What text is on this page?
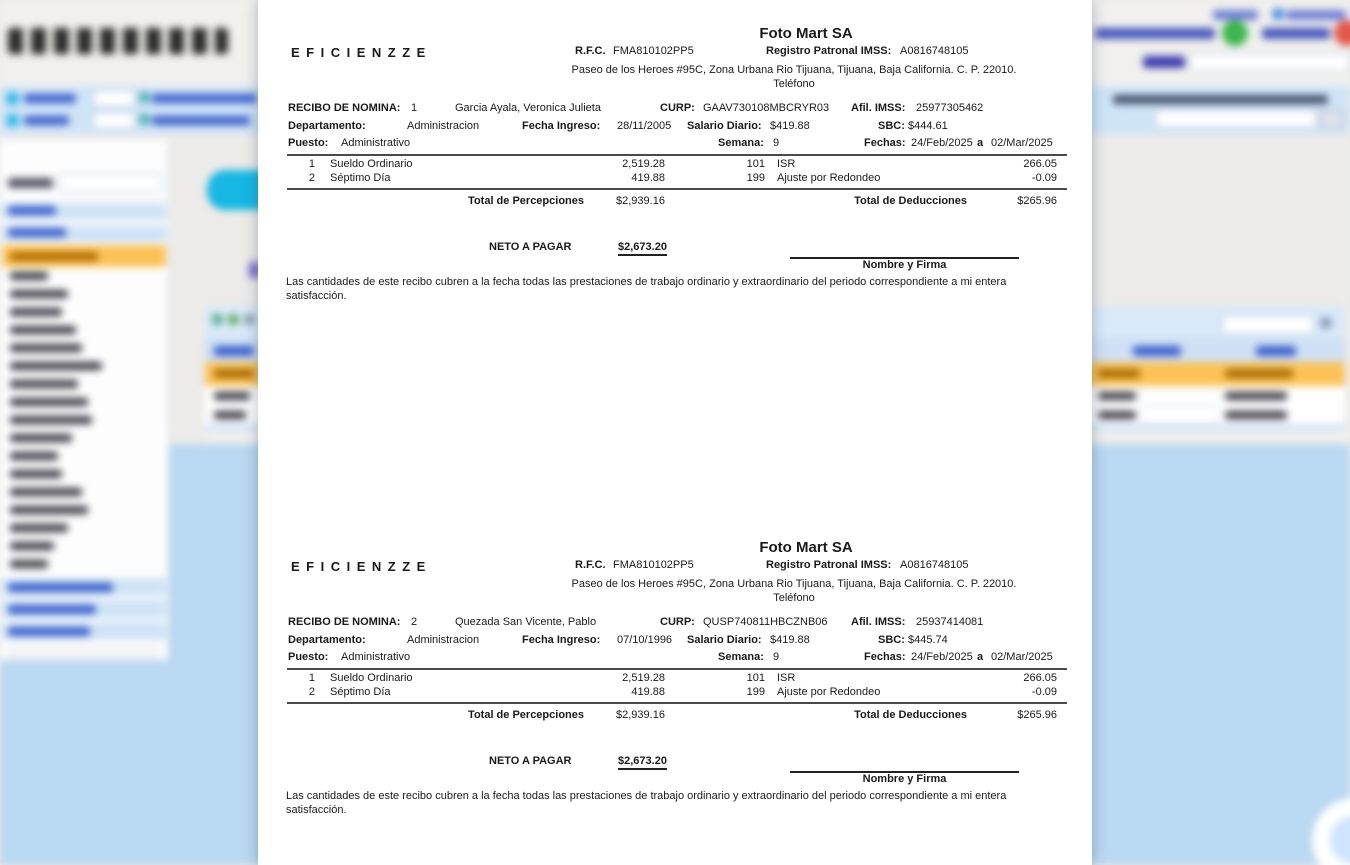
Foto Mart SA
EFICIENZZE	R.F.C. FMA810102PP5	Registro Patronal IMSS: A0816748105
Paseo de los Heroes #95C, Zona Urbana Rio Tijuana, Tijuana, Baja California. C. P. 22010.
Teléfono
RECIBO DE NOMINA: 1	Garcia Ayala, Veronica Julieta	CURP: GAAV730108MBCRYR03 Afil. IMSS: 25977305462
Departamento:	Administracion	Fecha Ingreso: 28/11/2005 Salario Diario: $419.88	SBC: $444.61
Puesto: Administrativo	Semana: 9	Fechas: 24/Feb/2025 a 02/Mar/2025
1 Sueldo Ordinario	2,519.28	101 ISR	266.05
2 Séptimo Día	419.88	199 Ajuste por Redondeo	-0.09
Total de Percepciones	$2,939.16	Total de Deducciones	$265.96
NETO A PAGAR	$2,673.20
Nombre y Firma
Las cantidades de este recibo cubren a la fecha todas las prestaciones de trabajo ordinario y extraordinario del periodo correspondiente a mi entera satisfacción.
Foto Mart SA
EFICIENZZE	R.F.C. FMA810102PP5	Registro Patronal IMSS: A0816748105
Paseo de los Heroes #95C, Zona Urbana Rio Tijuana, Tijuana, Baja California. C. P. 22010.
Teléfono
RECIBO DE NOMINA: 2	Quezada San Vicente, Pablo	CURP: QUSP740811HBCZNB06 Afil. IMSS: 25937414081
Departamento:	Administracion	Fecha Ingreso: 07/10/1996 Salario Diario: $419.88	SBC: $445.74
Puesto: Administrativo	Semana: 9	Fechas: 24/Feb/2025 a 02/Mar/2025
1 Sueldo Ordinario	2,519.28	101 ISR	266.05
2 Séptimo Día	419.88	199 Ajuste por Redondeo	-0.09
Total de Percepciones	$2,939.16	Total de Deducciones	$265.96
NETO A PAGAR	$2,673.20
Nombre y Firma
Las cantidades de este recibo cubren a la fecha todas las prestaciones de trabajo ordinario y extraordinario del periodo correspondiente a mi entera satisfacción.
